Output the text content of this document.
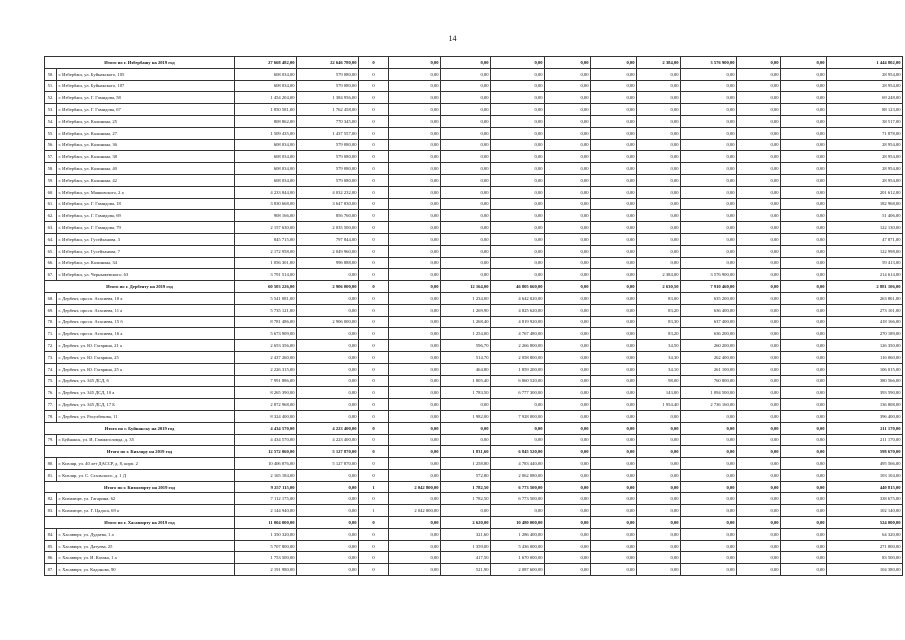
14
Итого по г. Избербашу на 2019 год		27 668 482,00	22 646 780,00	0	0,00	0,00	0,00	0,00	0,00	2 384,00	3 576 900,00	0,00	0,00	1 444 802,00
50.	г. Избербаш, ул. Буйнакского, 105	608 034,00	579 080,00	0	0,00	0,00	0,00	0,00	0,00	0,00	0,00	0,00	0,00	28 954,00
51.	г. Избербаш, ул. Буйнакского, 107	608 034,00	579 080,00	0	0,00	0,00	0,00	0,00	0,00	0,00	0,00	0,00	0,00	28 954,00
52.	г. Избербаш, ул. Г. Гамидова, 58	1 454 204,00	1 384 956,00	0	0,00	0,00	0,00	0,00	0,00	0,00	0,00	0,00	0,00	69 248,00
53.	г. Избербаш, ул. Г. Гамидова, 67	1 850 581,00	1 762 458,00	0	0,00	0,00	0,00	0,00	0,00	0,00	0,00	0,00	0,00	88 123,00
54.	г. Избербаш, ул. Калинина, 25	808 862,00	770 345,00	0	0,00	0,00	0,00	0,00	0,00	0,00	0,00	0,00	0,00	38 517,00
55.	г. Избербаш, ул. Калинина, 27	1 509 435,00	1 437 557,00	0	0,00	0,00	0,00	0,00	0,00	0,00	0,00	0,00	0,00	71 878,00
56.	г. Избербаш, ул. Калинина, 36	608 034,00	579 080,00	0	0,00	0,00	0,00	0,00	0,00	0,00	0,00	0,00	0,00	28 954,00
57.	г. Избербаш, ул. Калинина, 38	608 034,00	579 080,00	0	0,00	0,00	0,00	0,00	0,00	0,00	0,00	0,00	0,00	28 954,00
58.	г. Избербаш, ул. Калинина, 40	608 034,00	579 080,00	0	0,00	0,00	0,00	0,00	0,00	0,00	0,00	0,00	0,00	28 954,00
59.	г. Избербаш, ул. Калинина, 42	608 034,00	579 080,00	0	0,00	0,00	0,00	0,00	0,00	0,00	0,00	0,00	0,00	28 954,00
60.	г. Избербаш, ул. Маяковского, 2 а	4 233 844,00	4 032 232,00	0	0,00	0,00	0,00	0,00	0,00	0,00	0,00	0,00	0,00	201 612,00
61.	г. Избербаш, ул. Г. Гамидова, 18	3 830 668,00	3 647 830,00	0	0,00	0,00	0,00	0,00	0,00	0,00	0,00	0,00	0,00	182 968,00
62.	г. Избербаш, ул. Г. Гамидова, 69	908 166,00	856 760,00	0	0,00	0,00	0,00	0,00	0,00	0,00	0,00	0,00	0,00	51 406,00
63.	г. Избербаш, ул. Г. Гамидова, 79	2 157 630,00	2 035 500,00	0	0,00	0,00	0,00	0,00	0,00	0,00	0,00	0,00	0,00	122 130,00
64.	г. Избербаш, ул. Гусейханова, 3	845 715,00	797 844,00	0	0,00	0,00	0,00	0,00	0,00	0,00	0,00	0,00	0,00	47 871,00
65.	г. Избербаш, ул. Гусейханова, 7	2 172 958,00	2 049 960,00	0	0,00	0,00	0,00	0,00	0,00	0,00	0,00	0,00	0,00	122 998,00
66.	г. Избербаш, ул. Калинина, 34	1 056 301,00	996 888,00	0	0,00	0,00	0,00	0,00	0,00	0,00	0,00	0,00	0,00	59 413,00
67.	г. Избербаш, ул. Черныжевского, 63	3 791 514,00	0,00	0	0,00	0,00	0,00	0,00	0,00	2 384,00	3 576 900,00	0,00	0,00	214 614,00
Итого по г. Дербенту на 2019 год		60 503 226,00	2 906 000,00	0	0,00	12 164,00	46 805 660,00	0,00	0,00	2 630,50	7 910 460,00	0,00	0,00	2 881 106,00
68.	г. Дербент, просп. Агасиева, 10 а	5 541 081,00	0,00	0	0,00	1 234,00	4 642 020,00	0,00	0,00	83,00	635 200,00	0,00	0,00	263 861,00
69.	г. Дербент, просп. Агасиева, 11 а	5 735 121,00	0,00	0	0,00	1 269,90	4 825 620,00	0,00	0,00	83,20	636 400,00	0,00	0,00	273 101,00
70.	г. Дербент, просп. Агасиева, 15 б	8 781 486,00	2 906 000,00	0	0,00	1 268,40	4 819 920,00	0,00	0,00	83,30	637 400,00	0,00	0,00	418 166,00
71.	г. Дербент, просп. Агасиева, 16 а	5 673 909,00	0,00	0	0,00	1 254,00	4 767 480,00	0,00	0,00	83,20	636 200,00	0,00	0,00	270 189,00
72.	г. Дербент, ул. Ю. Гагарина, 21 а	2 653 356,00	0,00	0	0,00	596,70	2 266 800,00	0,00	0,00	34,50	260 200,00	0,00	0,00	126 350,00
73.	г. Дербент, ул. Ю. Гагарина, 25	2 437 260,00	0,00	0	0,00	514,70	2 058 800,00	0,00	0,00	34,30	262 400,00	0,00	0,00	116 060,00
74.	г. Дербент, ул. Ю. Гагарина, 25 а	2 226 315,00	0,00	0	0,00	464,80	1 859 200,00	0,00	0,00	34,10	261 100,00	0,00	0,00	106 015,00
75.	г. Дербент, ул. 345 ДСД, 6	7 991 886,00	0,00	0	0,00	1 805,40	6 860 520,00	0,00	0,00	98,00	760 800,00	0,00	0,00	380 566,00
76.	г. Дербент, ул. 345 ДСД, 10 а	8 265 390,00	0,00	0	0,00	1 783,50	6 777 300,00	0,00	0,00	143,00	1 094 500,00	0,00	0,00	393 590,00
77.	г. Дербент, ул. 345 ДСД, 17 Б	2 872 968,00	0,00	0	0,00	0,00	0,00	0,00	0,00	1 954,40	2 736 160,00	0,00	0,00	136 808,00
78.	г. Дербент, ул. Расулбекова, 11	8 324 400,00	0,00	0	0,00	1 982,00	7 928 000,00	0,00	0,00	0,00	0,00	0,00	0,00	396 400,00
Итого по г. Буйнакску на 2019 год		4 434 570,00	4 223 400,00	0	0,00	0,00	0,00	0,00	0,00	0,00	0,00	0,00	0,00	211 170,00
79.	г. Буйнакск, ул. И. Гаммаголовда, д. 35	4 434 570,00	4 223 400,00	0	0,00	0,00	0,00	0,00	0,00	0,00	0,00	0,00	0,00	211 170,00
Итого по г. Кизляру на 2019 год		12 572 060,00	5 127 870,00	0	0,00	1 831,60	6 845 520,00	0,00	0,00	0,00	0,00	0,00	0,00	598 670,00
80.	г. Кизляр, ул. 40 лет ДАССР, д. 8, корп. 2	10 406 876,00	5 127 870,00	0	0,00	1 258,80	4 783 440,00	0,00	0,00	0,00	0,00	0,00	0,00	495 566,00
81.	г. Кизляр, ул. С. Стальского, д. 1 Д	2 165 184,00	0,00	0	0,00	572,80	2 062 080,00	0,00	0,00	0,00	0,00	0,00	0,00	103 104,00
Итого по г. Кизилюрту на 2019 год		9 257 115,00	0,00	1	2 042 800,00	1 782,50	6 773 500,00	0,00	0,00	0,00	0,00	0,00	0,00	440 815,00
82.	г. Кизилюрт, ул. Гагарина, 62	7 112 175,00	0,00	0	0,00	1 782,50	6 773 500,00	0,00	0,00	0,00	0,00	0,00	0,00	338 675,00
83.	г. Кизилюрт, ул. Г. Цадаса, 69 а	2 144 940,00	0,00	1	2 042 800,00	0,00	0,00	0,00	0,00	0,00	0,00	0,00	0,00	102 140,00
Итого по г. Хасавюрту на 2019 год		11 004 000,00	0,00	0	0,00	2 620,00	10 480 000,00	0,00	0,00	0,00	0,00	0,00	0,00	524 000,00
84.	г. Хасавюрт, ул. Дудаева, 1 а	1 350 320,00	0,00	0	0,00	321,60	1 286 400,00	0,00	0,00	0,00	0,00	0,00	0,00	64 320,00
85.	г. Хасавюрт, ул. Датуева, 25	5 707 800,00	0,00	0	0,00	1 359,00	5 436 000,00	0,00	0,00	0,00	0,00	0,00	0,00	271 800,00
86.	г. Хасавюрт, ул. И. Казака, 1 а	1 753 500,00	0,00	0	0,00	417,50	1 670 000,00	0,00	0,00	0,00	0,00	0,00	0,00	83 500,00
87.	г. Хасавюрт, ул. Кадонова, 90	2 191 980,00	0,00	0	0,00	521,90	2 087 600,00	0,00	0,00	0,00	0,00	0,00	0,00	104 380,00
